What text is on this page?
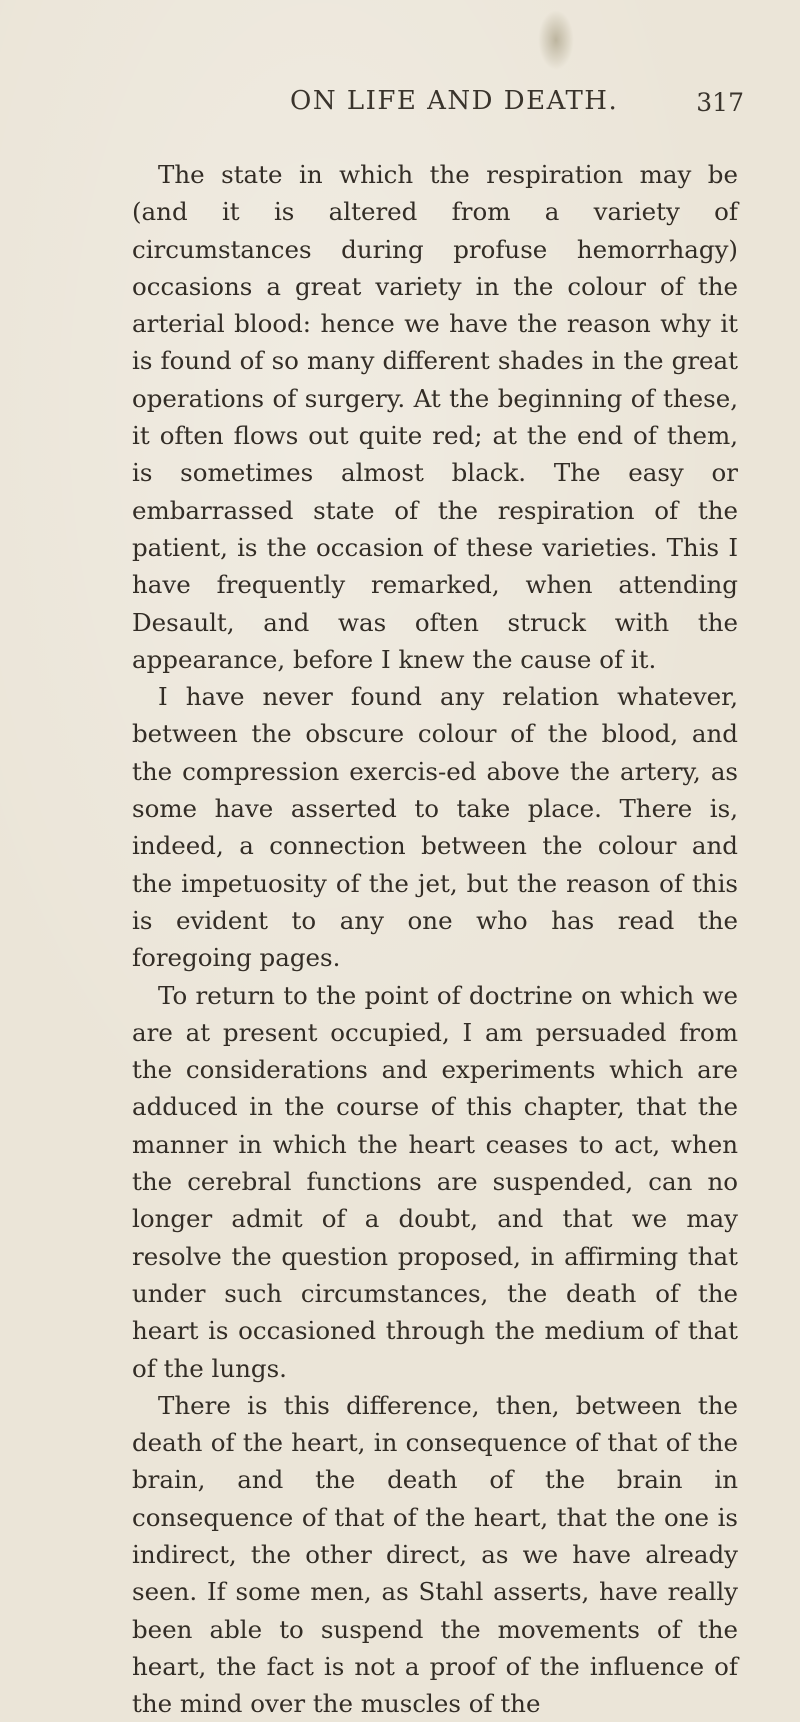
ON LIFE AND DEATH.	317

The state in which the respiration may be (and it is altered from a variety of circumstances during profuse hemorrhagy) occasions a great variety in the colour of the arterial blood: hence we have the reason why it is found of so many different shades in the great operations of surgery. At the beginning of these, it often flows out quite red; at the end of them, is sometimes almost black. The easy or embarrassed state of the respiration of the patient, is the occasion of these varieties. This I have frequently remarked, when attending Desault, and was often struck with the appearance, before I knew the cause of it.

I have never found any relation whatever, between the obscure colour of the blood, and the compression exercis-ed above the artery, as some have asserted to take place. There is, indeed, a connection between the colour and the impetuosity of the jet, but the reason of this is evident to any one who has read the foregoing pages.

To return to the point of doctrine on which we are at present occupied, I am persuaded from the considerations and experiments which are adduced in the course of this chapter, that the manner in which the heart ceases to act, when the cerebral functions are suspended, can no longer admit of a doubt, and that we may resolve the question proposed, in affirming that under such circumstances, the death of the heart is occasioned through the medium of that of the lungs.

There is this difference, then, between the death of the heart, in consequence of that of the brain, and the death of the brain in consequence of that of the heart, that the one is indirect, the other direct, as we have already seen. If some men, as Stahl asserts, have really been able to suspend the movements of the heart, the fact is not a proof of the influence of the mind over the muscles of the
